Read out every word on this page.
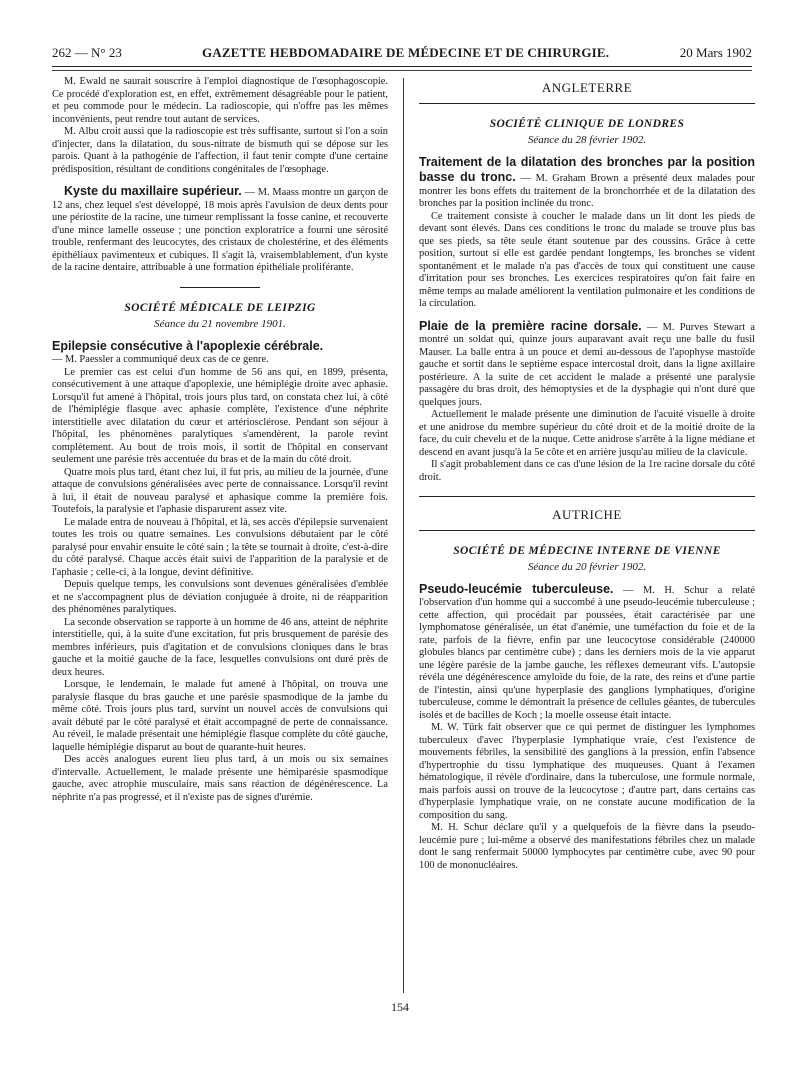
262 — N° 23	GAZETTE HEBDOMADAIRE DE MÉDECINE ET DE CHIRURGIE.	20 Mars 1902

M. Ewald ne saurait souscrire à l'emploi diagnostique de l'œsophagoscopie. Ce procédé d'exploration est, en effet, extrêmement désagréable pour le patient, et peu commode pour le médecin. La radioscopie, qui n'offre pas les mêmes inconvénients, peut rendre tout autant de services.

M. Albu croit aussi que la radioscopie est très suffisante, surtout si l'on a soin d'injecter, dans la dilatation, du sous-nitrate de bismuth qui se dépose sur les parois. Quant à la pathogénie de l'affection, il faut tenir compte d'une certaine prédisposition, résultant de conditions congénitales de l'œsophage.

Kyste du maxillaire supérieur. — M. Maass montre un garçon de 12 ans, chez lequel s'est développé, 18 mois après l'avulsion de deux dents pour une périostite de la racine, une tumeur remplissant la fosse canine, et recouverte d'une mince lamelle osseuse ; une ponction exploratrice a fourni une sérosité trouble, renfermant des leucocytes, des cristaux de cholestérine, et des éléments épithéliaux pavimenteux et cubiques. Il s'agit là, vraisemblablement, d'un kyste de la racine dentaire, attribuable à une formation épithéliale proliférante.

SOCIÉTÉ MÉDICALE DE LEIPZIG

Séance du 21 novembre 1901.

Epilepsie consécutive à l'apoplexie cérébrale.

— M. Paessler a communiqué deux cas de ce genre.

Le premier cas est celui d'un homme de 56 ans qui, en 1899, présenta, consécutivement à une attaque d'apoplexie, une hémiplégie droite avec aphasie. Lorsqu'il fut amené à l'hôpital, trois jours plus tard, on constata chez lui, à côté de l'hémiplégie flasque avec aphasie complète, l'existence d'une néphrite interstitielle avec dilatation du cœur et artériosclérose. Pendant son séjour à l'hôpital, les phénomènes paralytiques s'amendèrent, la parole revint complètement. Au bout de trois mois, il sortit de l'hôpital en conservant seulement une parésie très accentuée du bras et de la main du côté droit.

Quatre mois plus tard, étant chez lui, il fut pris, au milieu de la journée, d'une attaque de convulsions généralisées avec perte de connaissance. Lorsqu'il revint à lui, il était de nouveau paralysé et aphasique comme la première fois. Toutefois, la paralysie et l'aphasie disparurent assez vite.

Le malade entra de nouveau à l'hôpital, et là, ses accès d'épilepsie survenaient toutes les trois ou quatre semaines. Les convulsions débutaient par le côté paralysé pour envahir ensuite le côté sain ; la tête se tournait à droite, c'est-à-dire du côté paralysé. Chaque accès était suivi de l'apparition de la paralysie et de l'aphasie ; celle-ci, à la longue, devint définitive.

Depuis quelque temps, les convulsions sont devenues généralisées d'emblée et ne s'accompagnent plus de déviation conjuguée à droite, ni de réapparition des phénomènes paralytiques.

La seconde observation se rapporte à un homme de 46 ans, atteint de néphrite interstitielle, qui, à la suite d'une excitation, fut pris brusquement de parésie des membres inférieurs, puis d'agitation et de convulsions cloniques dans le bras gauche et la moitié gauche de la face, lesquelles convulsions ont duré près de deux heures.

Lorsque, le lendemain, le malade fut amené à l'hôpital, on trouva une paralysie flasque du bras gauche et une parésie spasmodique de la jambe du même côté. Trois jours plus tard, survint un nouvel accès de convulsions qui avait débuté par le côté paralysé et était accompagné de perte de connaissance. Au réveil, le malade présentait une hémiplégie flasque complète du côté gauche, laquelle hémiplégie disparut au bout de quarante-huit heures.

Des accès analogues eurent lieu plus tard, à un mois ou six semaines d'intervalle. Actuellement, le malade présente une hémiparésie spasmodique gauche, avec atrophie musculaire, mais sans réaction de dégénérescence. La néphrite n'a pas progressé, et il n'existe pas de signes d'urémie.

ANGLETERRE

SOCIÉTÉ CLINIQUE DE LONDRES

Séance du 28 février 1902.

Traitement de la dilatation des bronches par la position basse du tronc. — M. Graham Brown a présenté deux malades pour montrer les bons effets du traitement de la bronchorrhée et de la dilatation des bronches par la position inclinée du tronc.

Ce traitement consiste à coucher le malade dans un lit dont les pieds de devant sont élevés. Dans ces conditions le tronc du malade se trouve plus bas que ses pieds, sa tête seule étant soutenue par des coussins. Grâce à cette position, surtout si elle est gardée pendant longtemps, les bronches se vident spontanément et le malade n'a pas d'accès de toux qui constituent une cause d'irritation pour ses bronches. Les exercices respiratoires qu'on fait faire en même temps au malade améliorent la ventilation pulmonaire et les conditions de la circulation.

Plaie de la première racine dorsale. — M. Purves Stewart a montré un soldat qui, quinze jours auparavant avait reçu une balle du fusil Mauser. La balle entra à un pouce et demi au-dessous de l'apophyse mastoïde gauche et sortit dans le septième espace intercostal droit, dans la ligne axillaire postérieure. A la suite de cet accident le malade a présenté une paralysie passagère du bras droit, des hémoptysies et de la dysphagie qui n'ont duré que quelques jours.

Actuellement le malade présente une diminution de l'acuité visuelle à droite et une anidrose du membre supérieur du côté droit et de la moitié droite de la face, du cuir chevelu et de la nuque. Cette anidrose s'arrête à la ligne médiane et descend en avant jusqu'à la 5e côte et en arrière jusqu'au milieu de la clavicule.

Il s'agit probablement dans ce cas d'une lésion de la 1re racine dorsale du côté droit.

AUTRICHE

SOCIÉTÉ DE MÉDECINE INTERNE DE VIENNE

Séance du 20 février 1902.

Pseudo-leucémie tuberculeuse. — M. H. Schur a relaté l'observation d'un homme qui a succombé à une pseudo-leucémie tuberculeuse ; cette affection, qui procédait par poussées, était caractérisée par une lymphomatose généralisée, un état d'anémie, une tuméfaction du foie et de la rate, parfois de la fièvre, enfin par une leucocytose considérable (240000 globules blancs par centimètre cube) ; dans les derniers mois de la vie apparut une légère parésie de la jambe gauche, les réflexes demeurant vifs. L'autopsie révéla une dégénérescence amyloïde du foie, de la rate, des reins et d'une partie de l'intestin, ainsi qu'une hyperplasie des ganglions lymphatiques, d'origine tuberculeuse, comme le démontrait la présence de cellules géantes, de tubercules isolés et de bacilles de Koch ; la moelle osseuse était intacte.

M. W. Türk fait observer que ce qui permet de distinguer les lymphomes tuberculeux d'avec l'hyperplasie lymphatique vraie, c'est l'existence de mouvements fébriles, la sensibilité des ganglions à la pression, enfin l'absence d'hypertrophie du tissu lymphatique des muqueuses. Quant à l'examen hématologique, il révèle d'ordinaire, dans la tuberculose, une formule normale, mais parfois aussi on trouve de la leucocytose ; d'autre part, dans certains cas d'hyperplasie lymphatique vraie, on ne constate aucune modification de la composition du sang.

M. H. Schur déclare qu'il y a quelquefois de la fièvre dans la pseudo-leucémie pure ; lui-même a observé des manifestations fébriles chez un malade dont le sang renfermait 50000 lymphocytes par centimètre cube, avec 90 pour 100 de mononucléaires.

154
